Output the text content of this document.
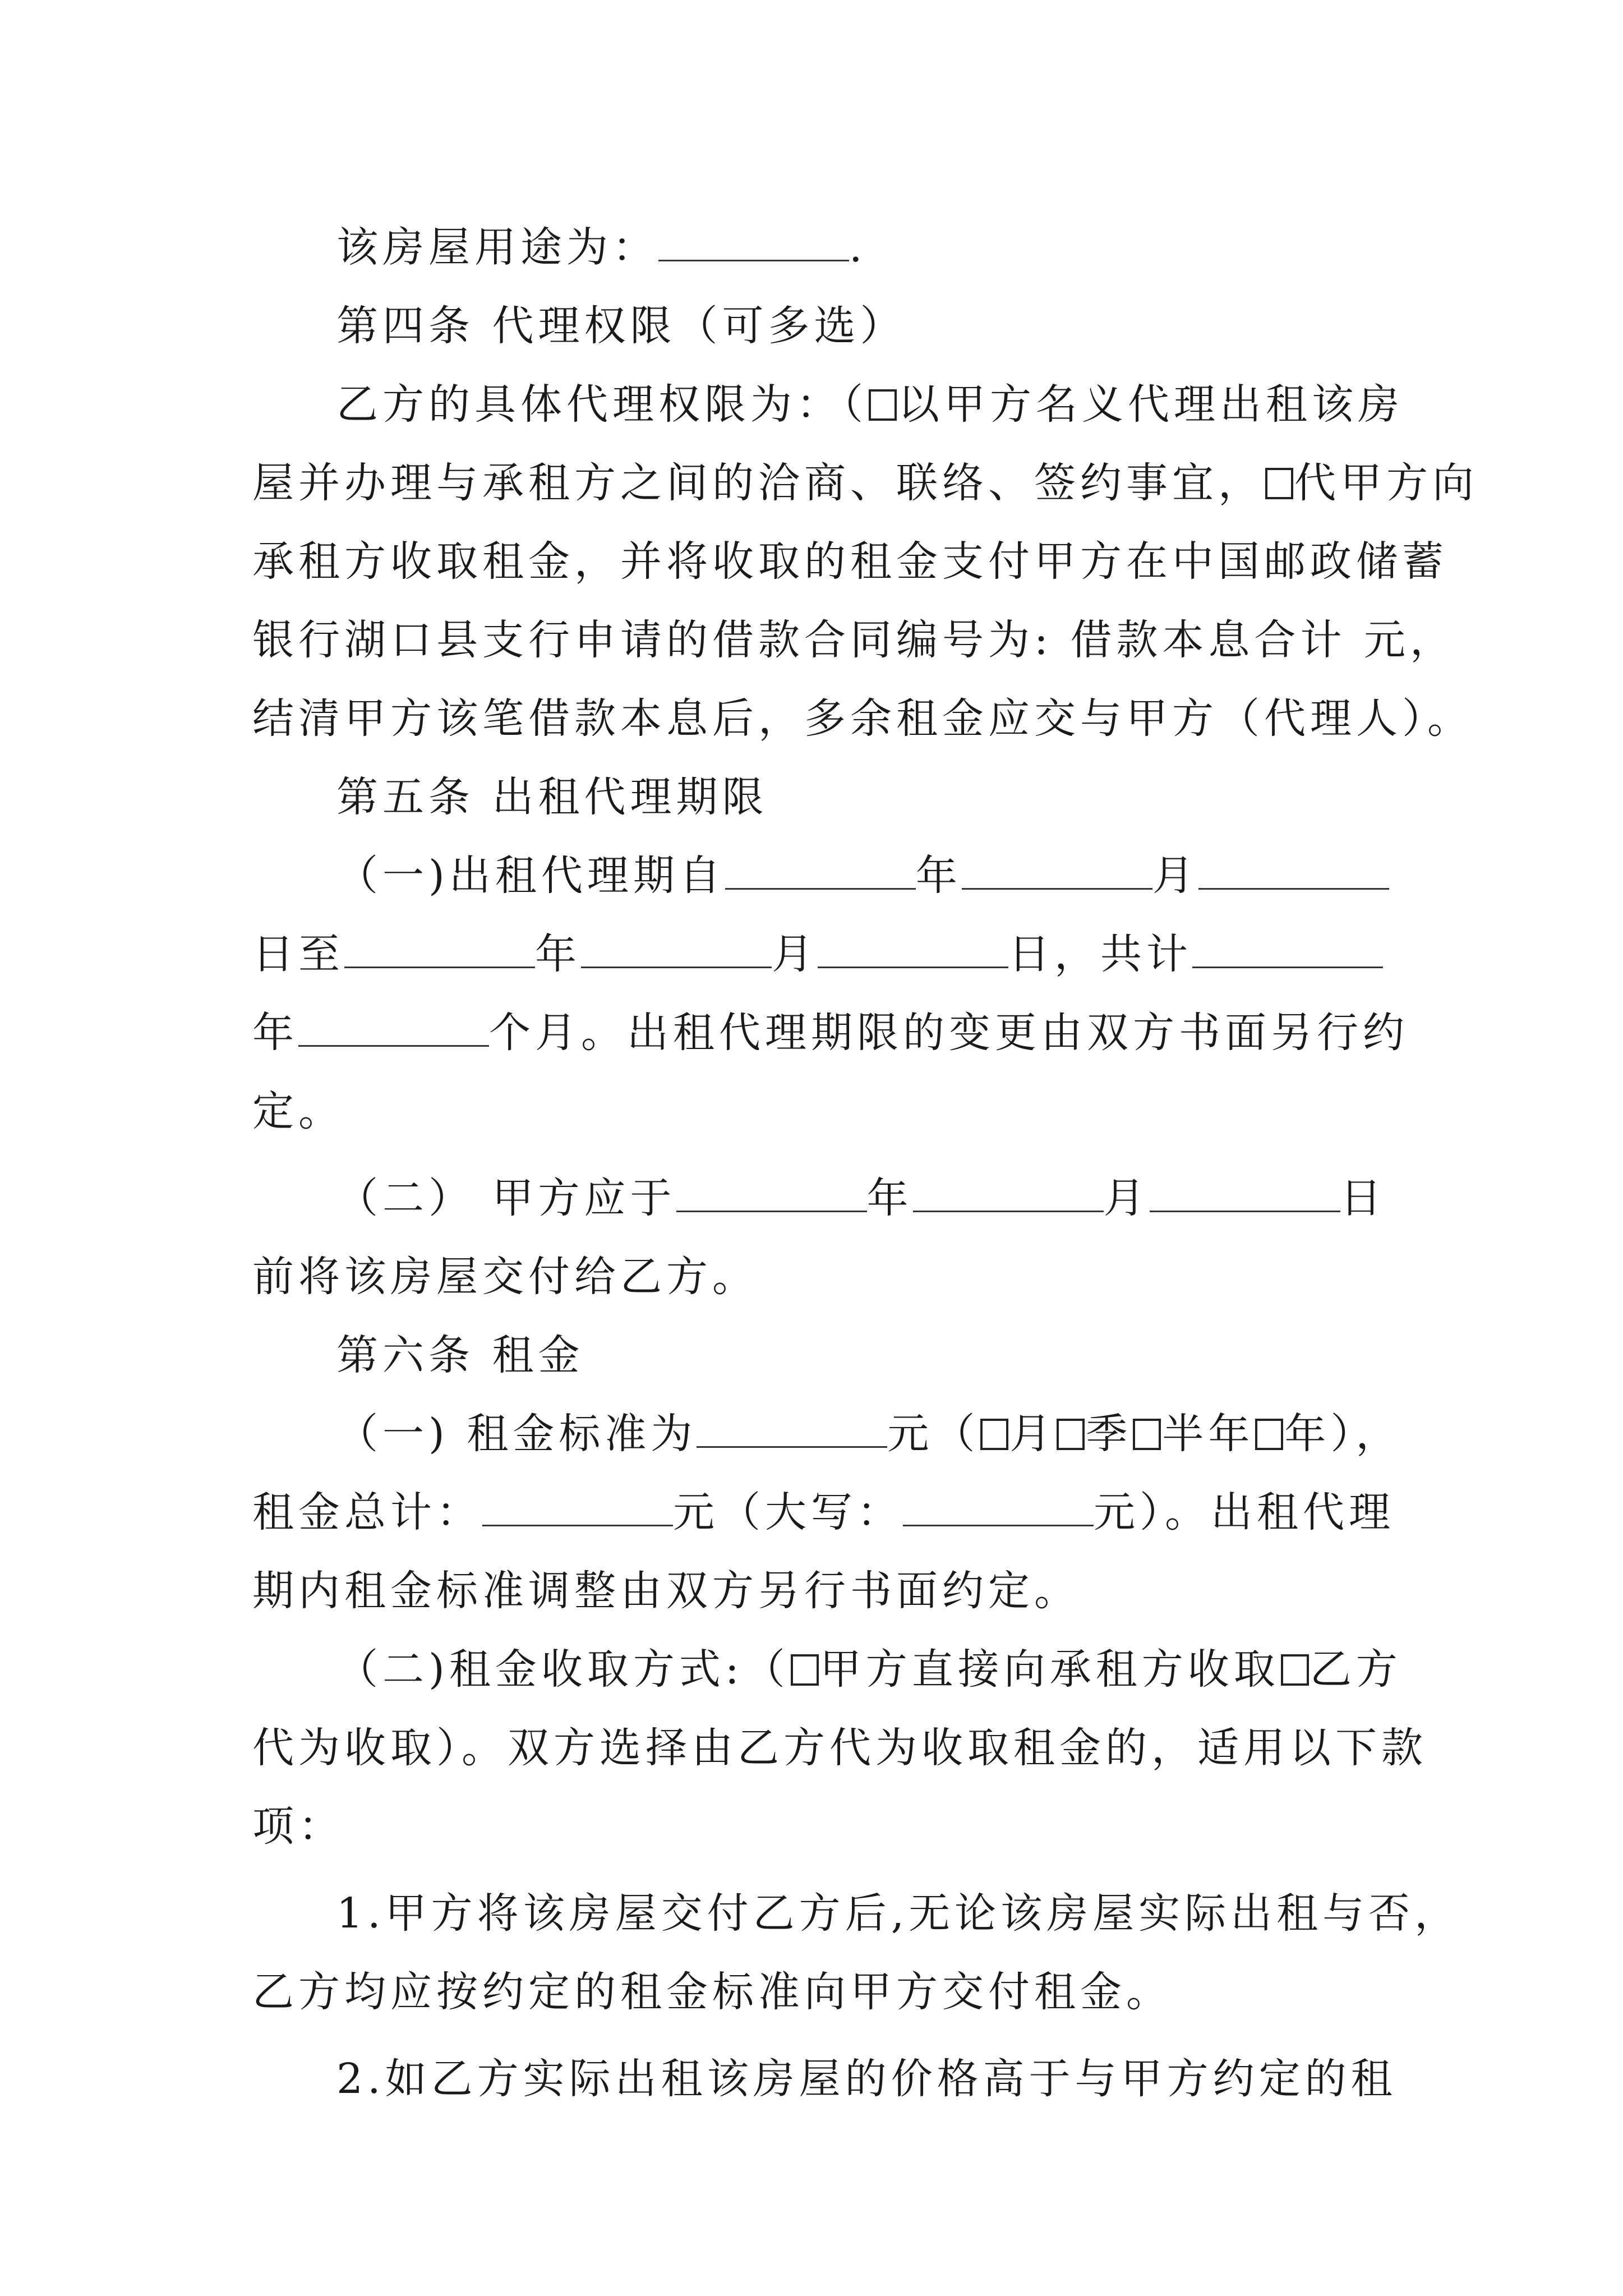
该房屋用途为：	.
第四条 代理权限（可多选）
乙方的具体代理权限为：（ 以甲方名义代理出租该房
屋并办理与承租方之间的洽商、联络、签约事宜， 代甲方向
承租方收取租金，并将收取的租金支付甲方在中国邮政储蓄
银行湖口县支行申请的借款合同编号为: 借款本息合计 元，
结清甲方该笔借款本息后，多余租金应交与甲方（代理人）。
第五条 出租代理期限
（一)出租代理期自	年	月
日至	年	月	日，共计
年	个月。出租代理期限的变更由双方书面另行约
定。
（二） 甲方应于	年	月	日
前将该房屋交付给乙方。
第六条 租金
（一) 租金标准为	元（ 月 季 半年 年），
租金总计：	元（大写：	元）。出租代理
期内租金标准调整由双方另行书面约定。
（二)租金收取方式:（ 甲方直接向承租方收取 乙方
代为收取）。双方选择由乙方代为收取租金的，适用以下款
项：
1.甲方将该房屋交付乙方后,无论该房屋实际出租与否，
乙方均应按约定的租金标准向甲方交付租金。
2.如乙方实际出租该房屋的价格高于与甲方约定的租
